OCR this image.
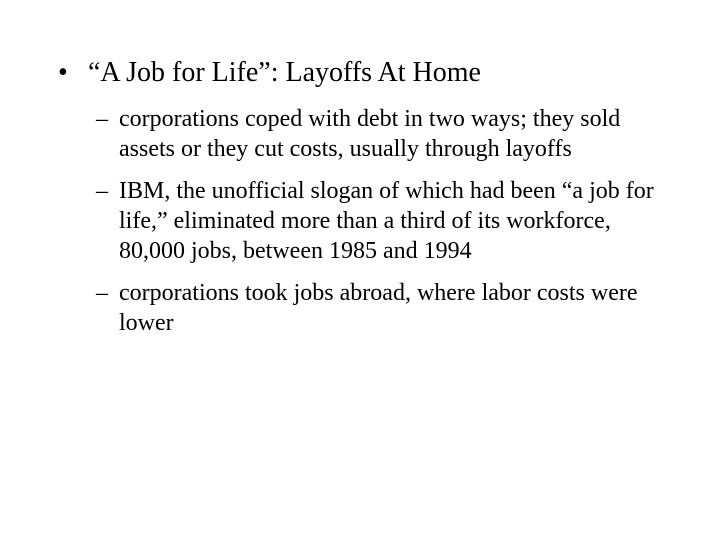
• “A Job for Life”: Layoffs At Home
– corporations coped with debt in two ways; they sold assets or they cut costs, usually through layoffs
– IBM, the unofficial slogan of which had been “a job for life,” eliminated more than a third of its workforce, 80,000 jobs, between 1985 and 1994
– corporations took jobs abroad, where labor costs were lower
